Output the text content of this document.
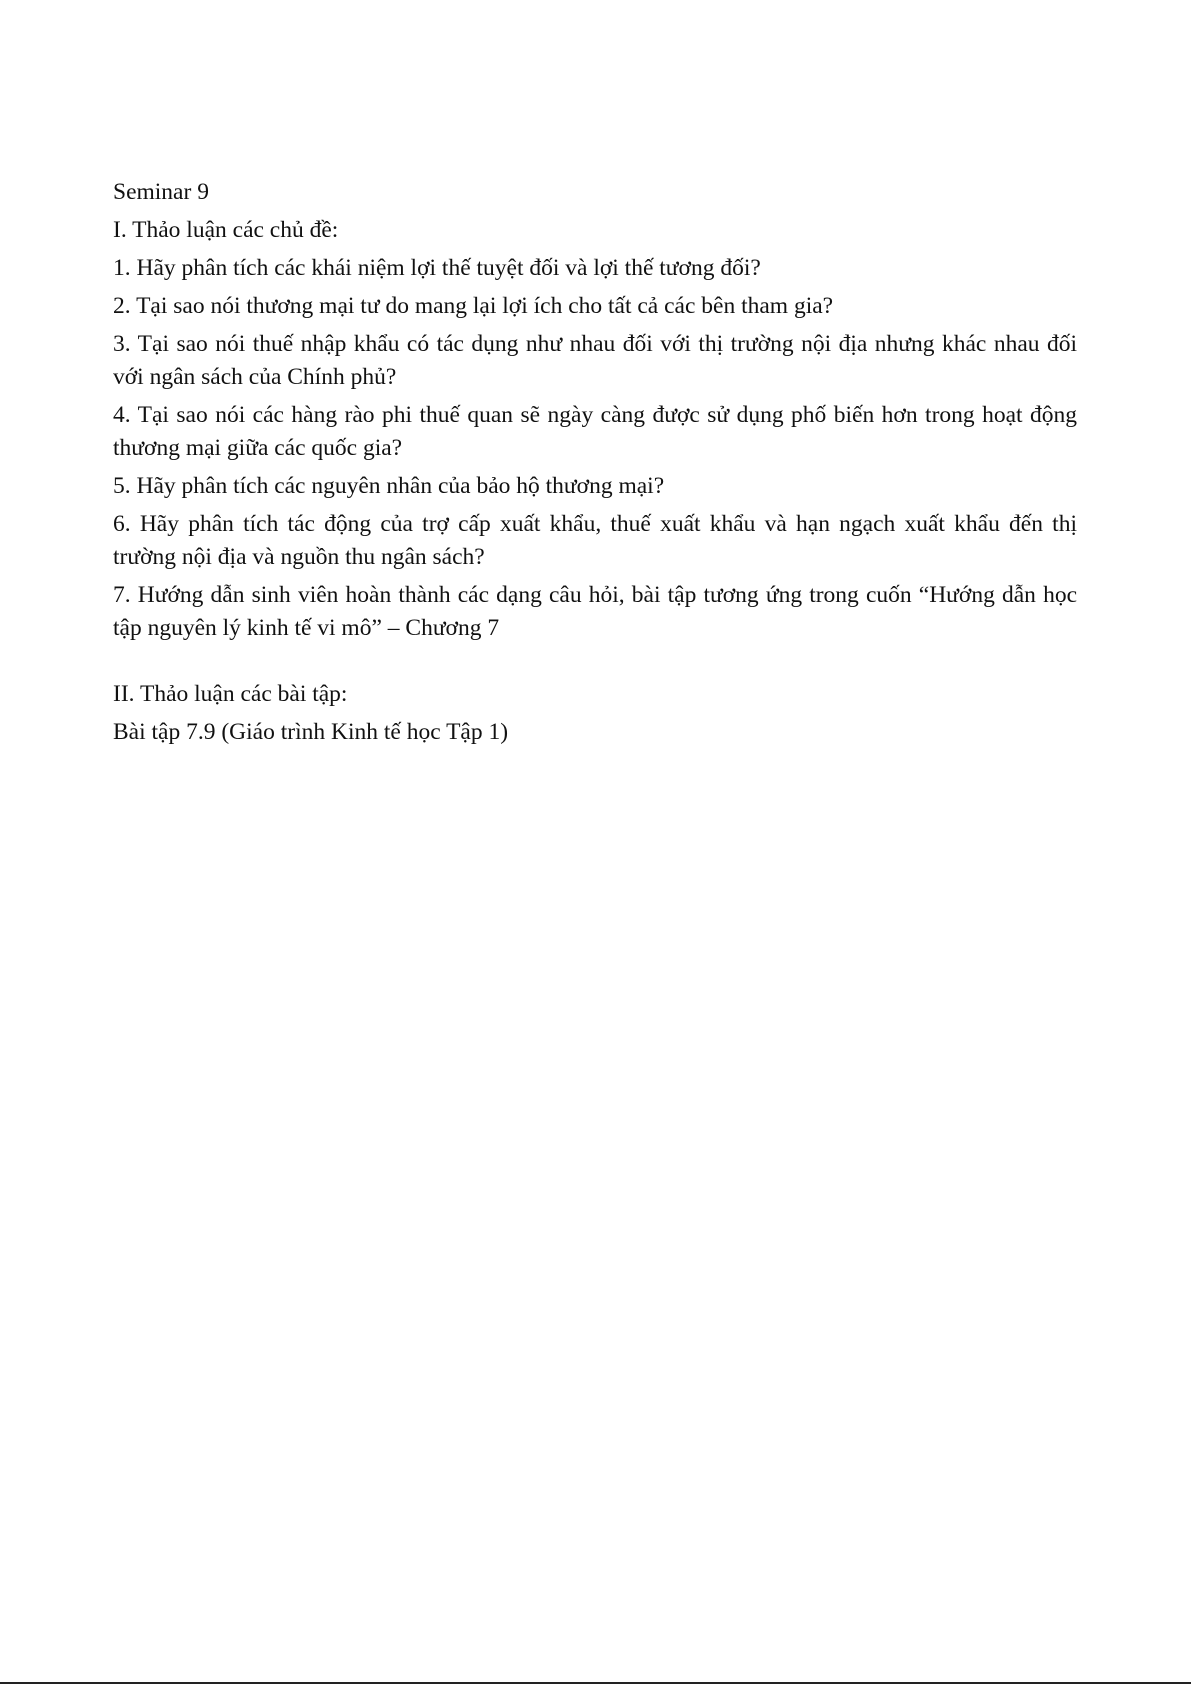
Seminar 9
I. Thảo luận các chủ đề:
1. Hãy phân tích các khái niệm lợi thế tuyệt đối và lợi thế tương đối?
2. Tại sao nói thương mại tư do mang lại lợi ích cho tất cả các bên tham gia?
3. Tại sao nói thuế nhập khẩu có tác dụng như nhau đối với thị trường nội địa nhưng khác nhau đối với ngân sách của Chính phủ?
4. Tại sao nói các hàng rào phi thuế quan sẽ ngày càng được sử dụng phố biến hơn trong hoạt động thương mại giữa các quốc gia?
5. Hãy phân tích các nguyên nhân của bảo hộ thương mại?
6. Hãy phân tích tác động của trợ cấp xuất khẩu, thuế xuất khẩu và hạn ngạch xuất khẩu đến thị trường nội địa và nguồn thu ngân sách?
7. Hướng dẫn sinh viên hoàn thành các dạng câu hỏi, bài tập tương ứng trong cuốn “Hướng dẫn học tập nguyên lý kinh tế vi mô” – Chương 7
II. Thảo luận các bài tập:
Bài tập 7.9 (Giáo trình Kinh tế học Tập 1)
